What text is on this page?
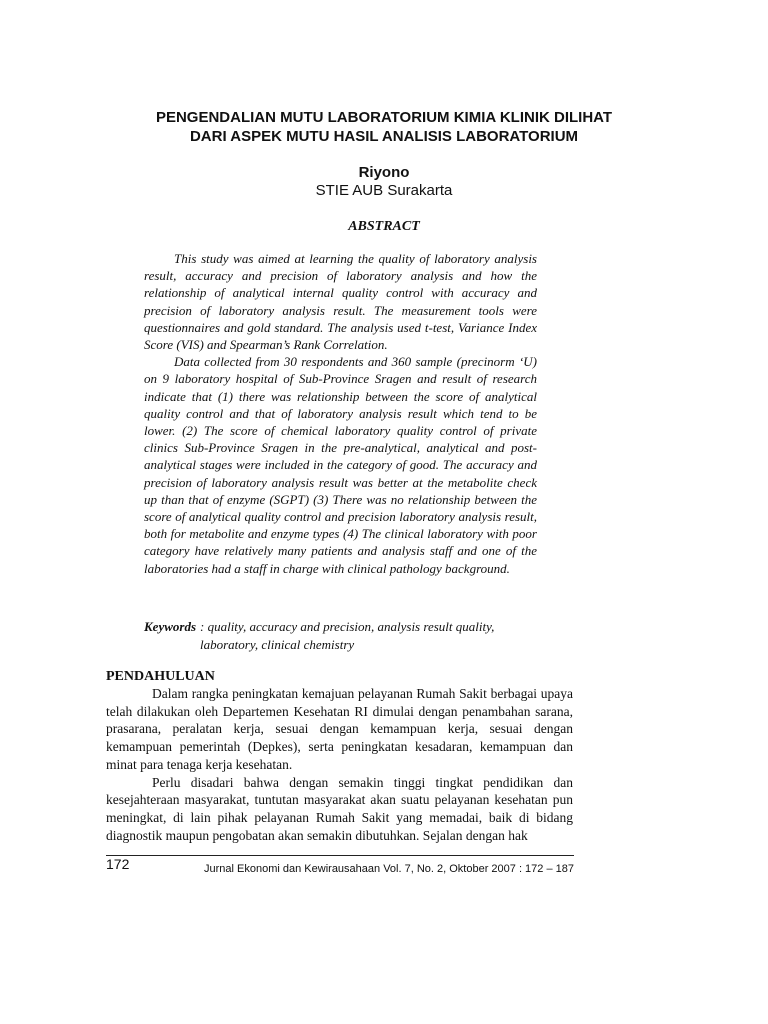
PENGENDALIAN MUTU LABORATORIUM KIMIA KLINIK DILIHAT
DARI ASPEK MUTU HASIL ANALISIS LABORATORIUM
Riyono
STIE AUB Surakarta
ABSTRACT

This study was aimed at learning the quality of laboratory analysis result, accuracy and precision of laboratory analysis and how the relationship of analytical internal quality control with accuracy and precision of laboratory analysis result. The measurement tools were questionnaires and gold standard. The analysis used t-test, Variance Index Score (VIS) and Spearman’s Rank Correlation.

Data collected from 30 respondents and 360 sample (precinorm ‘U) on 9 laboratory hospital of Sub-Province Sragen and result of research indicate that (1) there was relationship between the score of analytical quality control and that of laboratory analysis result which tend to be lower. (2) The score of chemical laboratory quality control of private clinics Sub-Province Sragen in the pre-analytical, analytical and post-analytical stages were included in the category of good. The accuracy and precision of laboratory analysis result was better at the metabolite check up than that of enzyme (SGPT) (3) There was no relationship between the score of analytical quality control and precision laboratory analysis result, both for metabolite and enzyme types (4) The clinical laboratory with poor category have relatively many patients and analysis staff and one of the laboratories had a staff in charge with clinical pathology background.

Keywords : quality, accuracy and precision, analysis result quality, laboratory, clinical chemistry
PENDAHULUAN

Dalam rangka peningkatan kemajuan pelayanan Rumah Sakit berbagai upaya telah dilakukan oleh Departemen Kesehatan RI dimulai dengan penambahan sarana, prasarana, peralatan kerja, sesuai dengan kemampuan kerja, sesuai dengan kemampuan pemerintah (Depkes), serta peningkatan kesadaran, kemampuan dan minat para tenaga kerja kesehatan.

Perlu disadari bahwa dengan semakin tinggi tingkat pendidikan dan kesejahteraan masyarakat, tuntutan masyarakat akan suatu pelayanan kesehatan pun meningkat, di lain pihak pelayanan Rumah Sakit yang memadai, baik di bidang diagnostik maupun pengobatan akan semakin dibutuhkan. Sejalan dengan hak

172	Jurnal Ekonomi dan Kewirausahaan Vol. 7, No. 2, Oktober 2007 : 172 – 187
